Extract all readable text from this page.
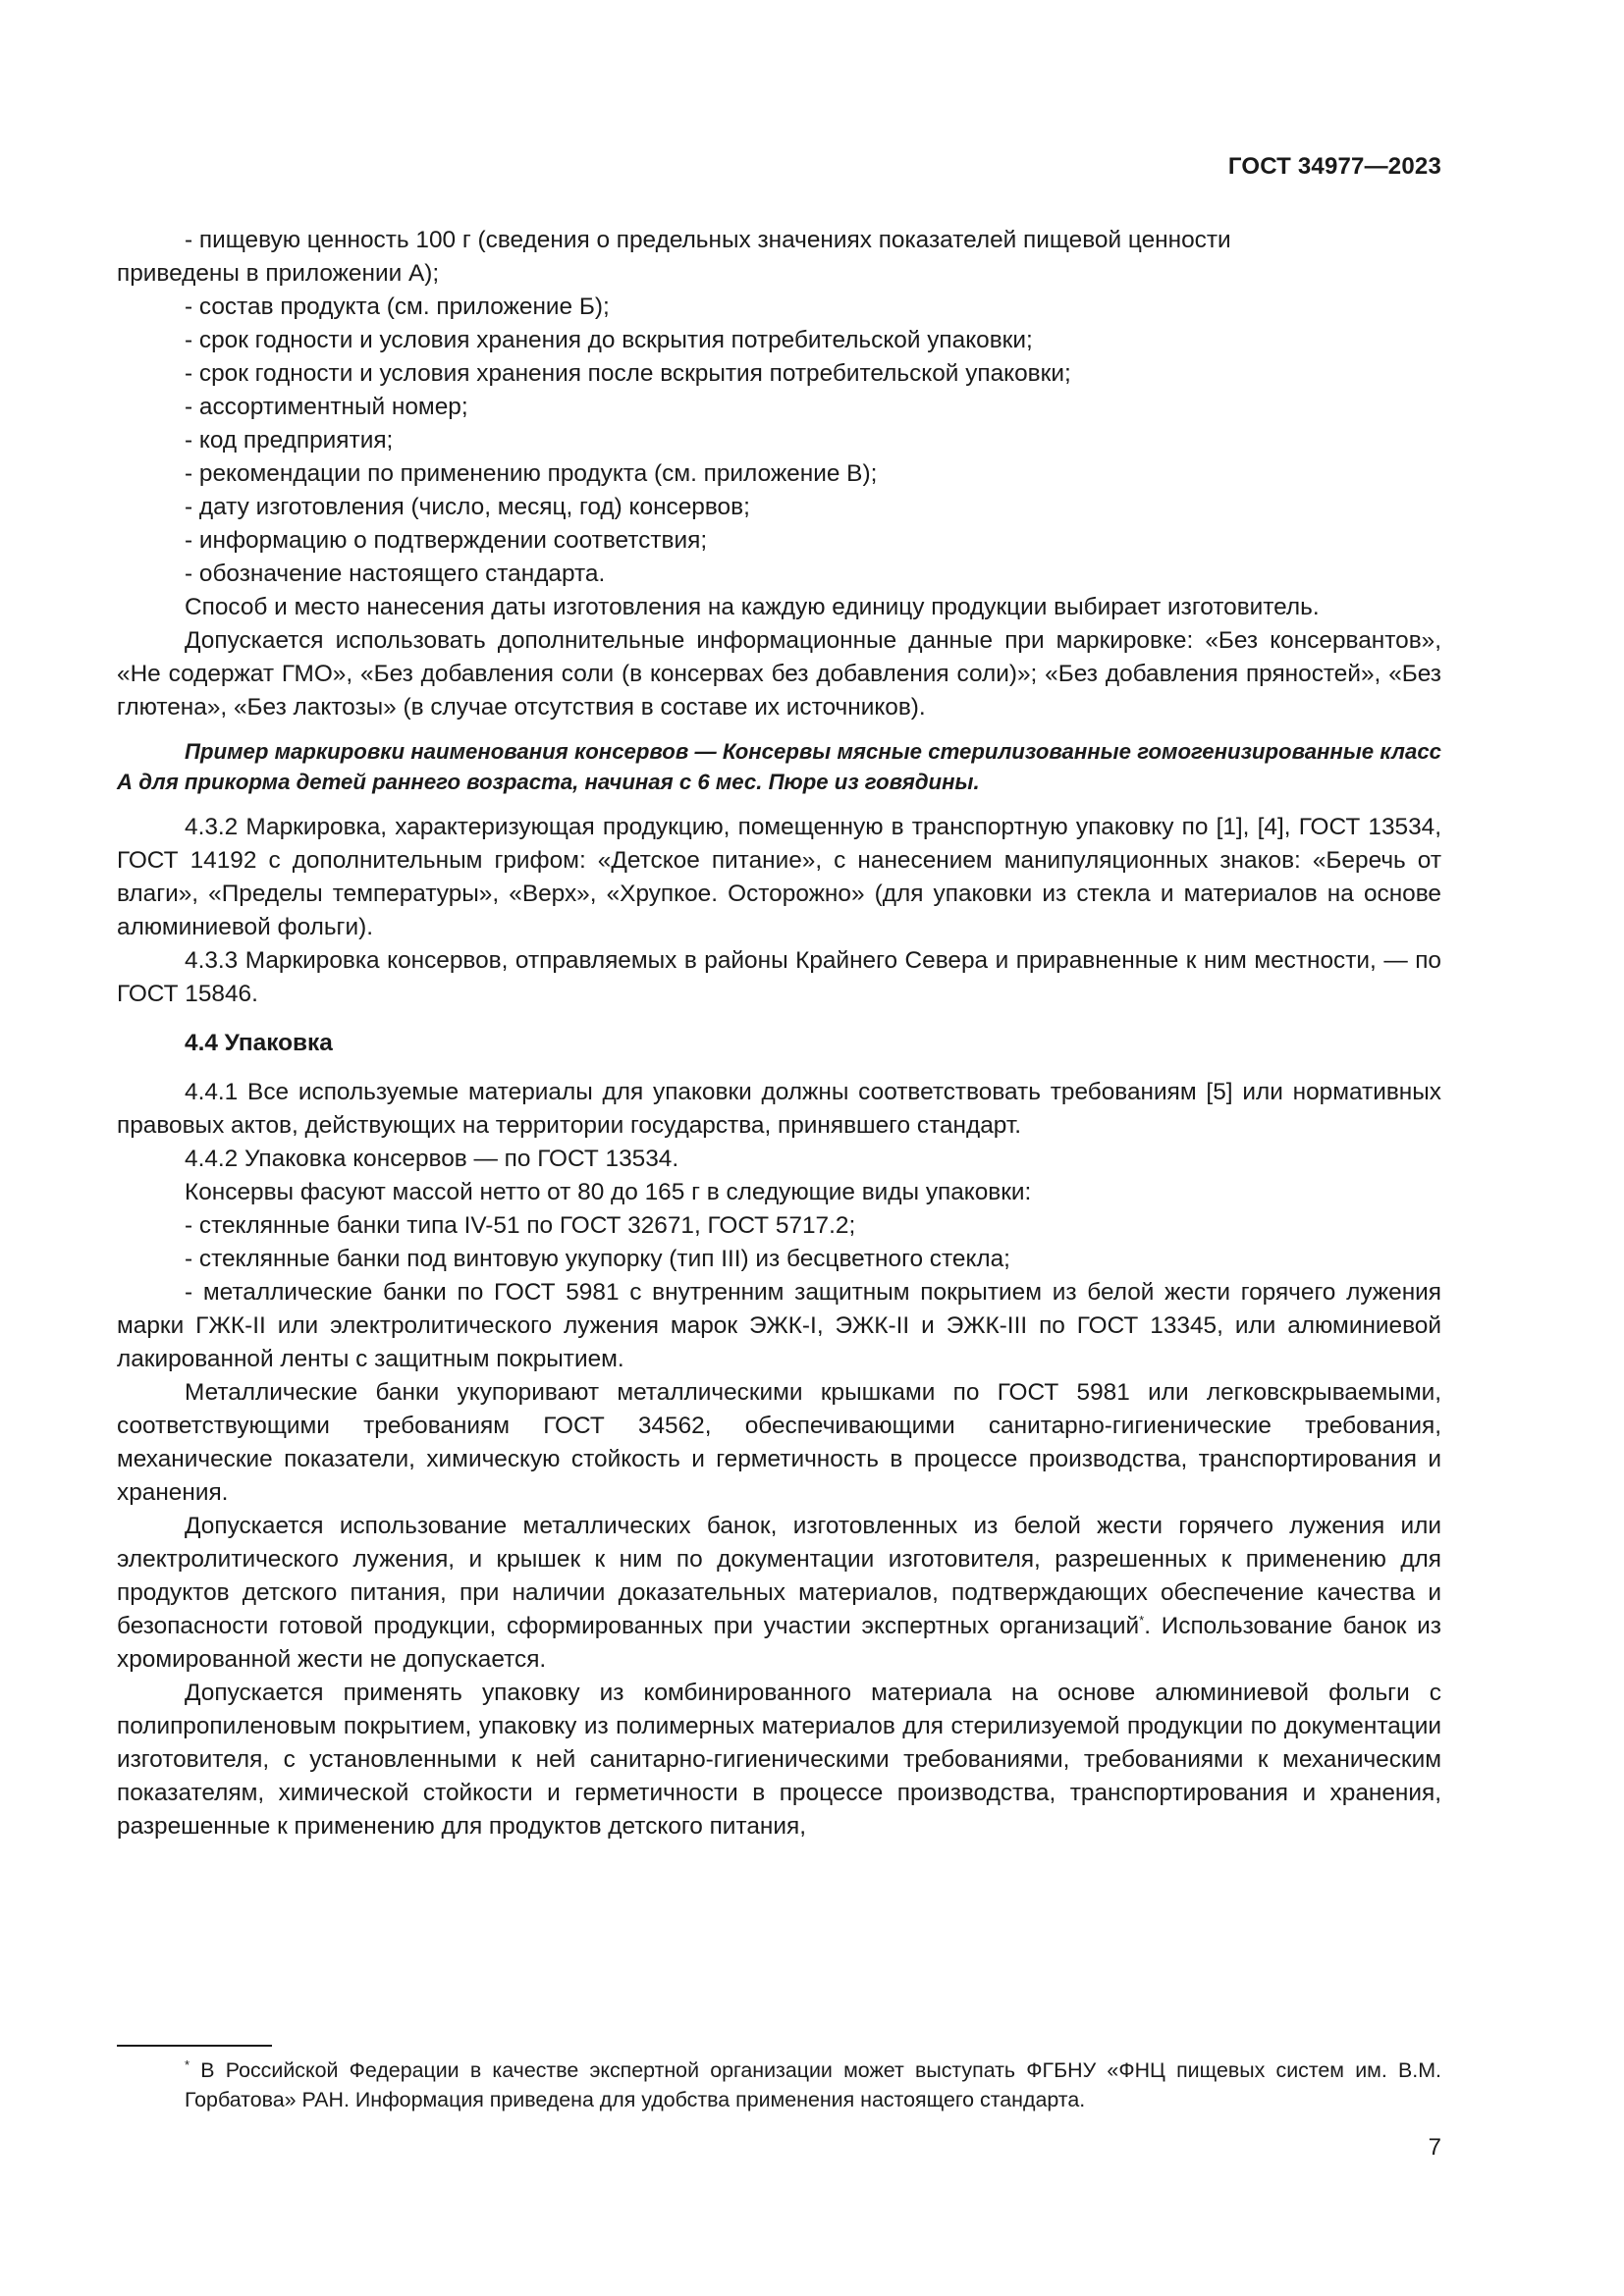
ГОСТ 34977—2023

- пищевую ценность 100 г (сведения о предельных значениях показателей пищевой ценности
приведены в приложении А);

- состав продукта (см. приложение Б);

- срок годности и условия хранения до вскрытия потребительской упаковки;

- срок годности и условия хранения после вскрытия потребительской упаковки;

- ассортиментный номер;

- код предприятия;

- рекомендации по применению продукта (см. приложение В);

- дату изготовления (число, месяц, год) консервов;

- информацию о подтверждении соответствия;

- обозначение настоящего стандарта.

Способ и место нанесения даты изготовления на каждую единицу продукции выбирает изготовитель.

Допускается использовать дополнительные информационные данные при маркировке: «Без консервантов», «Не содержат ГМО», «Без добавления соли (в консервах без добавления соли)»; «Без добавления пряностей», «Без глютена», «Без лактозы» (в случае отсутствия в составе их источников).

Пример маркировки наименования консервов — Консервы мясные стерилизованные гомогенизированные класс А для прикорма детей раннего возраста, начиная с 6 мес. Пюре из говядины.

4.3.2 Маркировка, характеризующая продукцию, помещенную в транспортную упаковку по [1], [4], ГОСТ 13534, ГОСТ 14192 с дополнительным грифом: «Детское питание», с нанесением манипуляционных знаков: «Беречь от влаги», «Пределы температуры», «Верх», «Хрупкое. Осторожно» (для упаковки из стекла и материалов на основе алюминиевой фольги).

4.3.3 Маркировка консервов, отправляемых в районы Крайнего Севера и приравненные к ним местности, — по ГОСТ 15846.

4.4 Упаковка

4.4.1 Все используемые материалы для упаковки должны соответствовать требованиям [5] или нормативных правовых актов, действующих на территории государства, принявшего стандарт.

4.4.2 Упаковка консервов — по ГОСТ 13534.

Консервы фасуют массой нетто от 80 до 165 г в следующие виды упаковки:

- стеклянные банки типа IV-51 по ГОСТ 32671, ГОСТ 5717.2;

- стеклянные банки под винтовую укупорку (тип III) из бесцветного стекла;

- металлические банки по ГОСТ 5981 с внутренним защитным покрытием из белой жести горячего лужения марки ГЖК-II или электролитического лужения марок ЭЖК-I, ЭЖК-II и ЭЖК-III по ГОСТ 13345, или алюминиевой лакированной ленты с защитным покрытием.

Металлические банки укупоривают металлическими крышками по ГОСТ 5981 или легковскрываемыми, соответствующими требованиям ГОСТ 34562, обеспечивающими санитарно-гигиенические требования, механические показатели, химическую стойкость и герметичность в процессе производства, транспортирования и хранения.

Допускается использование металлических банок, изготовленных из белой жести горячего лужения или электролитического лужения, и крышек к ним по документации изготовителя, разрешенных к применению для продуктов детского питания, при наличии доказательных материалов, подтверждающих обеспечение качества и безопасности готовой продукции, сформированных при участии экспертных организаций*. Использование банок из хромированной жести не допускается.

Допускается применять упаковку из комбинированного материала на основе алюминиевой фольги с полипропиленовым покрытием, упаковку из полимерных материалов для стерилизуемой продукции по документации изготовителя, с установленными к ней санитарно-гигиеническими требованиями, требованиями к механическим показателям, химической стойкости и герметичности в процессе производства, транспортирования и хранения, разрешенные к применению для продуктов детского питания,

* В Российской Федерации в качестве экспертной организации может выступать ФГБНУ «ФНЦ пищевых систем им. В.М. Горбатова» РАН. Информация приведена для удобства применения настоящего стандарта.
7
